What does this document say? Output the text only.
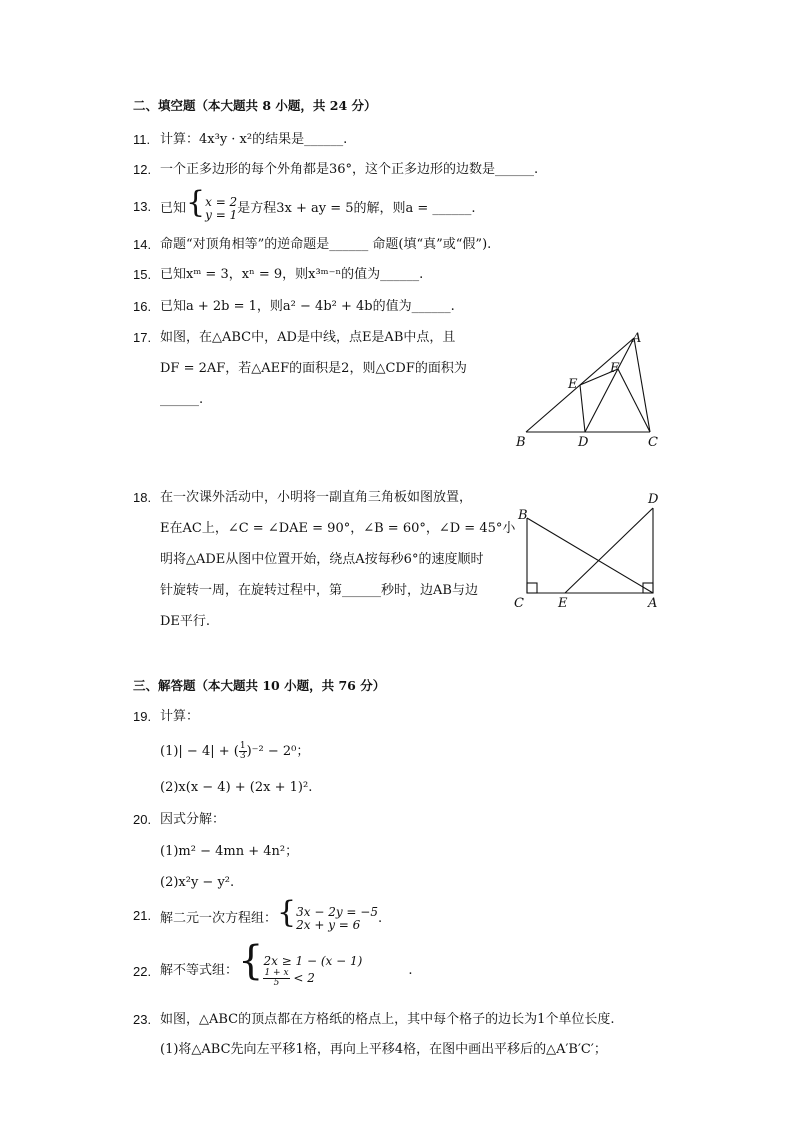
二、填空题（本大题共 8 小题，共 24 分）
11. 计算：4x³y · x²的结果是______.
12. 一个正多边形的每个外角都是36°，这个正多边形的边数是______.
13. 已知{ x = 2
y = 1 是方程3x + ay = 5的解，则a = ______.
14. 命题“对顶角相等”的逆命题是______ 命题(填“真”或“假”).
15. 已知xᵐ = 3，xⁿ = 9，则x³ᵐ⁻ⁿ的值为______.
16. 已知a + 2b = 1，则a² − 4b² + 4b的值为______.
17. 如图，在△ABC中，AD是中线，点E是AB中点，且
DF = 2AF，若△AEF的面积是2，则△CDF的面积为
______.
A
B	C
D
E
F
18. 在一次课外活动中，小明将一副直角三角板如图放置，
E在AC上，∠C = ∠DAE = 90°，∠B = 60°，∠D = 45°小
明将△ADE从图中位置开始，绕点A按每秒6°的速度顺时
针旋转一周，在旋转过程中，第______秒时，边AB与边
DE平行.
D
B
C	E	A
三、解答题（本大题共 10 小题，共 76 分）
19. 计算：
(1)| − 4| + ( $\frac{1}{3} )^{-2} - 2^0$；
(2)x(x − 4) + (2x + 1)².
20. 因式分解：
(1)m² − 4mn + 4n²；
(2)x²y − y².
21. 解二元一次方程组：{ 3x − 2y = −5
2x + y = 6	.
22. 解不等式组：{ 2x ≥ 1 − (x − 1)
$\frac{1 + x}{5} < 2$	.
23. 如图，△ABC的顶点都在方格纸的格点上，其中每个格子的边长为1个单位长度.
(1)将△ABC先向左平移1格，再向上平移4格，在图中画出平移后的△A′B′C′；
